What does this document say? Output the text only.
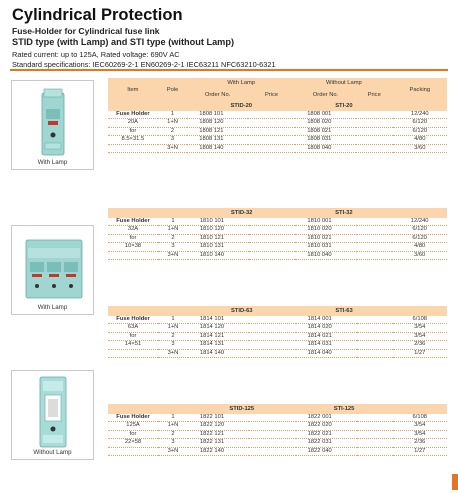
Cylindrical Protection
Fuse-Holder for Cylindrical fuse link
STID type (with Lamp) and STI type (without Lamp)
Rated current: up to 125A, Rated voltage: 690V AC
Standard specifications: IEC60269-2-1 EN60269-2-1 IEC63211 NFC63210-6321
With Lamp
With Lamp
Without Lamp
Item	Pole	With Lamp		Without Lamp		Packing
		Order No.	Price	Order No.	Price	
		STID-20		STI-20		
Fuse Holder	1	1808 101		1808 001		12/240
20A	1+N	1808 120		1808 020		6/120
for	2	1808 121		1808 021		6/120
8.5×31.5	3	1808 131		1808 031		4/80
	3+N	1808 140		1808 040		3/60
		STID-32		STI-32		
Fuse Holder	1	1810 101		1810 001		12/240
32A	1+N	1810 120		1810 020		6/120
for	2	1810 121		1810 021		6/120
10×38	3	1810 131		1810 031		4/80
	3+N	1810 140		1810 040		3/60
		STID-63		STI-63		
Fuse Holder	1	1814 101		1814 001		6/108
63A	1+N	1814 120		1814 020		3/54
for	2	1814 121		1814 021		3/54
14×51	3	1814 131		1814 031		2/36
	3+N	1814 140		1814 040		1/27
		STID-125		STI-125		
Fuse Holder	1	1822 101		1822 001		6/108
125A	1+N	1822 120		1822 020		3/54
for	2	1822 121		1822 021		3/54
22×58	3	1822 131		1822 031		2/36
	3+N	1822 140		1822 040		1/27
